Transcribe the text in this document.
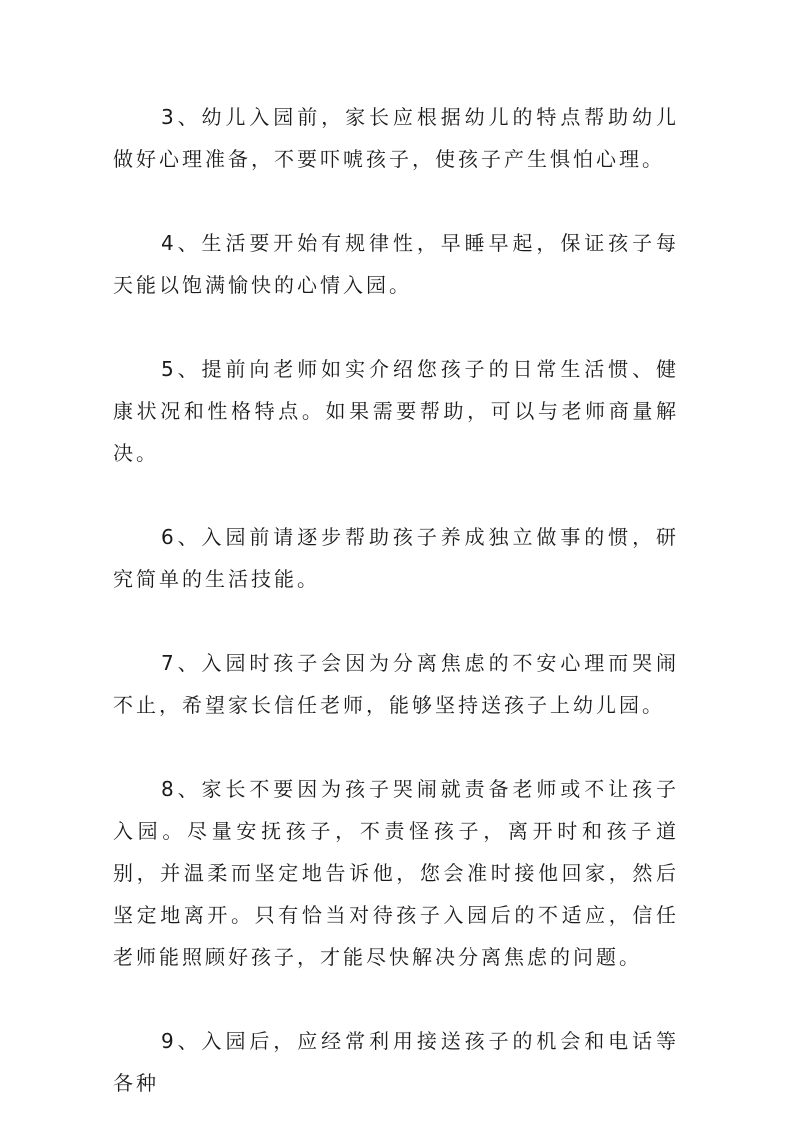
3、幼儿入园前，家长应根据幼儿的特点帮助幼儿做好心理准备，不要吓唬孩子，使孩子产生惧怕心理。

4、生活要开始有规律性，早睡早起，保证孩子每天能以饱满愉快的心情入园。

5、提前向老师如实介绍您孩子的日常生活惯、健康状况和性格特点。如果需要帮助，可以与老师商量解决。

6、入园前请逐步帮助孩子养成独立做事的惯，研究简单的生活技能。

7、入园时孩子会因为分离焦虑的不安心理而哭闹不止，希望家长信任老师，能够坚持送孩子上幼儿园。

8、家长不要因为孩子哭闹就责备老师或不让孩子入园。尽量安抚孩子，不责怪孩子，离开时和孩子道别，并温柔而坚定地告诉他，您会准时接他回家，然后坚定地离开。只有恰当对待孩子入园后的不适应，信任老师能照顾好孩子，才能尽快解决分离焦虑的问题。

9、入园后，应经常利用接送孩子的机会和电话等各种
